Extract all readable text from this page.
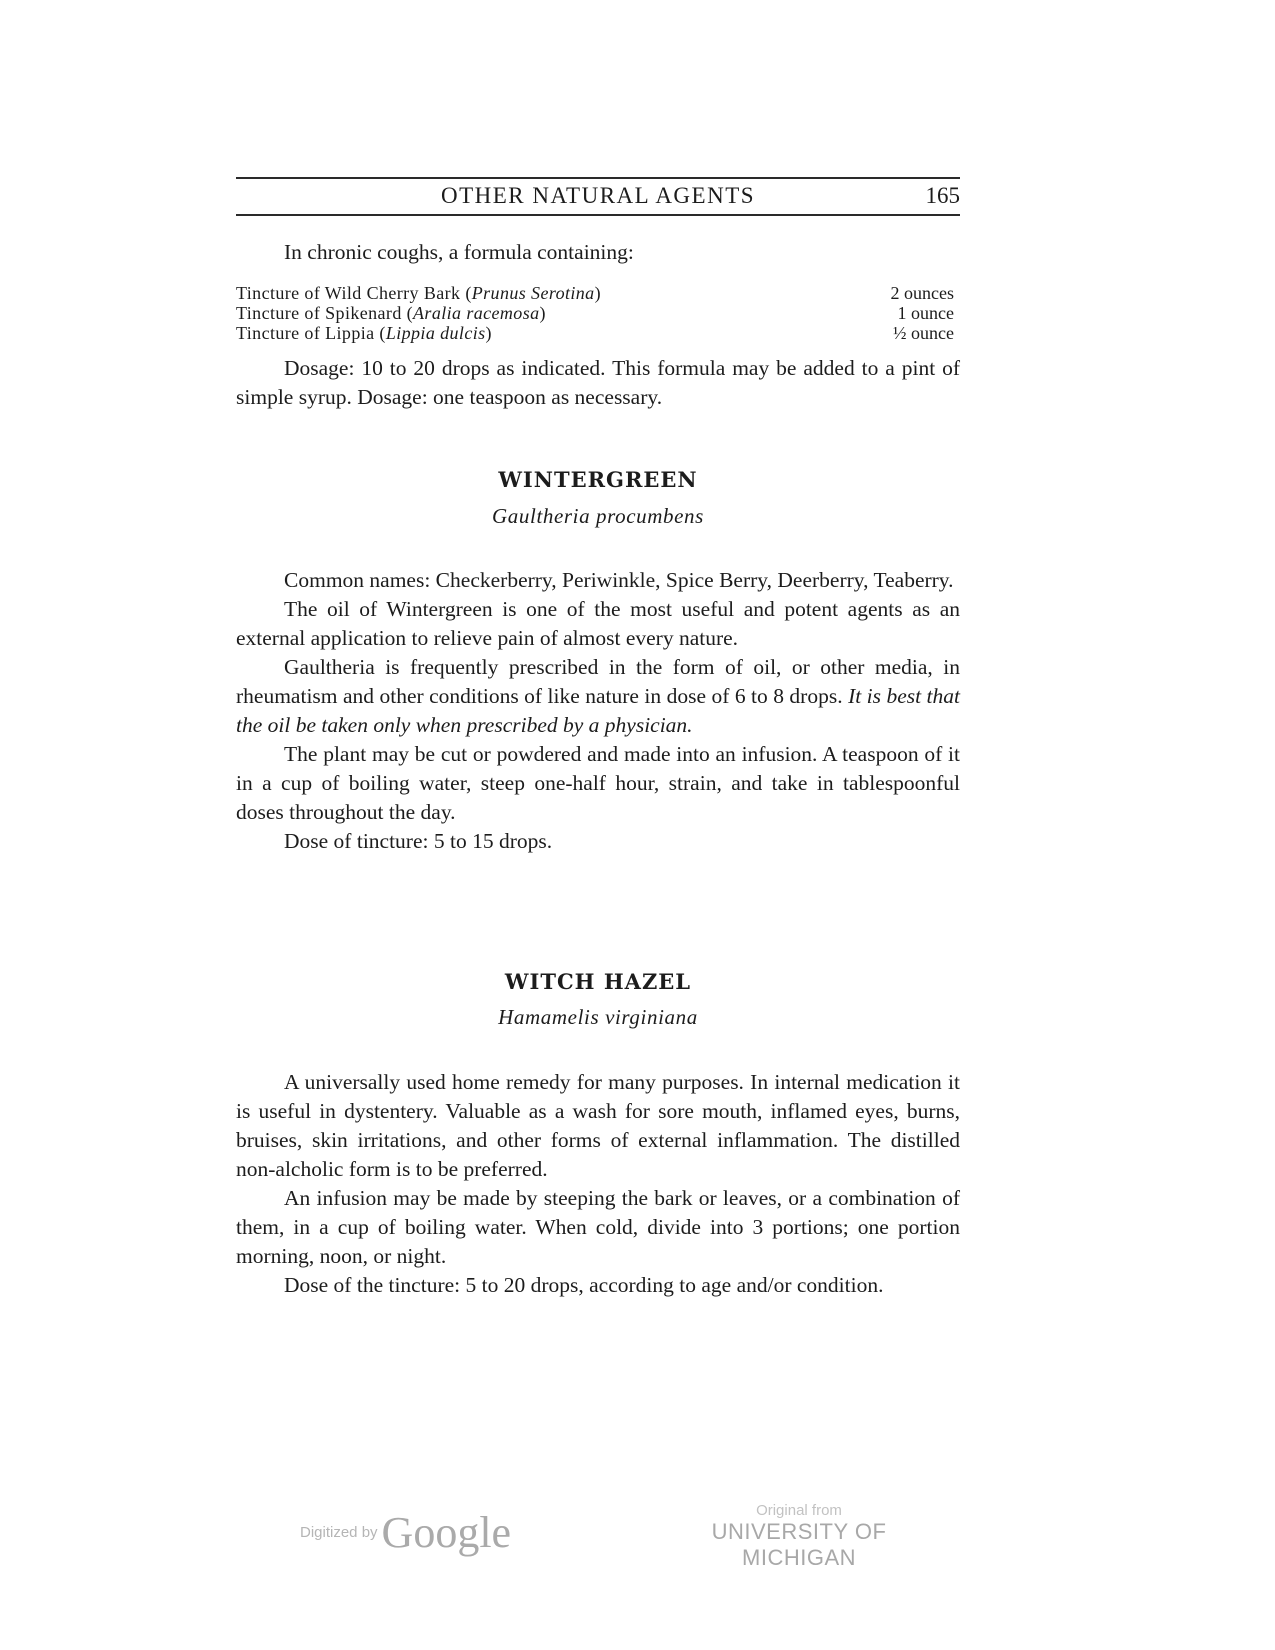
OTHER NATURAL AGENTS	165

In chronic coughs, a formula containing:

Tincture of Wild Cherry Bark (Prunus Serotina)	2 ounces
Tincture of Spikenard (Aralia racemosa)	1 ounce
Tincture of Lippia (Lippia dulcis)	½ ounce

Dosage: 10 to 20 drops as indicated. This formula may be added to a pint of simple syrup. Dosage: one teaspoon as necessary.

WINTERGREEN
Gaultheria procumbens

Common names: Checkerberry, Periwinkle, Spice Berry, Deerberry, Teaberry.

The oil of Wintergreen is one of the most useful and potent agents as an external application to relieve pain of almost every nature.

Gaultheria is frequently prescribed in the form of oil, or other media, in rheumatism and other conditions of like nature in dose of 6 to 8 drops. It is best that the oil be taken only when prescribed by a physician.

The plant may be cut or powdered and made into an infusion. A teaspoon of it in a cup of boiling water, steep one-half hour, strain, and take in tablespoonful doses throughout the day.

Dose of tincture: 5 to 15 drops.

WITCH HAZEL
Hamamelis virginiana

A universally used home remedy for many purposes. In internal medication it is useful in dystentery. Valuable as a wash for sore mouth, inflamed eyes, burns, bruises, skin irritations, and other forms of external inflammation. The distilled non-alcholic form is to be preferred.

An infusion may be made by steeping the bark or leaves, or a combination of them, in a cup of boiling water. When cold, divide into 3 portions; one portion morning, noon, or night.

Dose of the tincture: 5 to 20 drops, according to age and/or condition.

Digitized by Google	Original from
UNIVERSITY OF MICHIGAN
